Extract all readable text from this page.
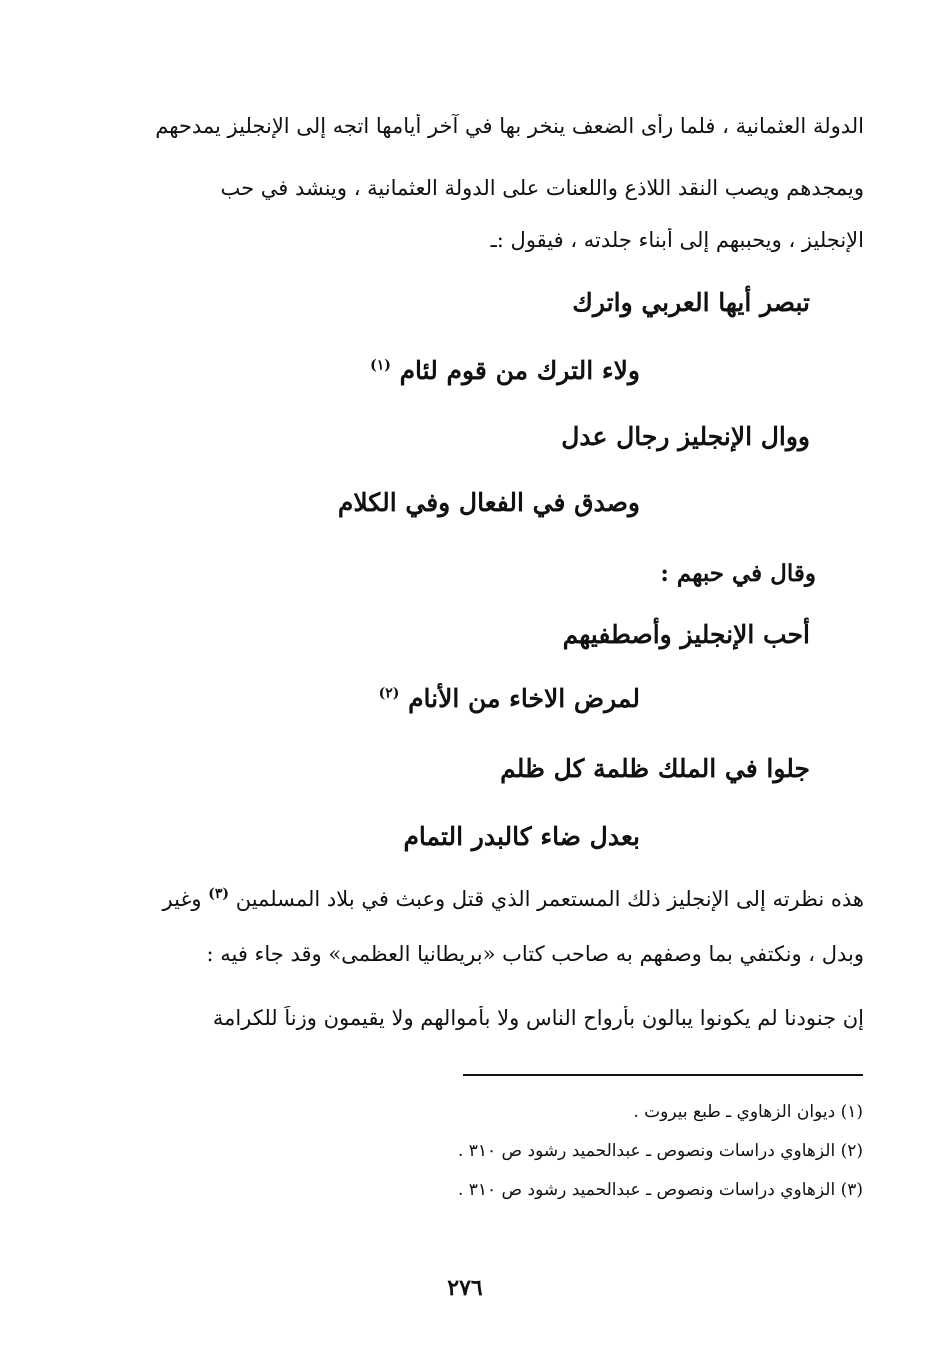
الدولة العثمانية ، فلما رأى الضعف ينخر بها في آخر أيامها اتجه إلى الإنجليز يمدحهم
ويمجدهم ويصب النقد اللاذع واللعنات على الدولة العثمانية ، وينشد في حب
الإنجليز ، ويحببهم إلى أبناء جلدته ، فيقول :ـ
تبصر أيها العربي واترك
ولاء الترك من قوم لئام $^{(١)}$
ووال الإنجليز رجال عدل
وصدق في الفعال وفي الكلام
وقال في حبهم :
أحب الإنجليز وأصطفيهم
لمرض الاخاء من الأنام $^{(٢)}$
جلوا في الملك ظلمة كل ظلم
بعدل ضاء كالبدر التمام
هذه نظرته إلى الإنجليز ذلك المستعمر الذي قتل وعبث في بلاد المسلمين $^{(٣)}$ وغير
وبدل ، ونكتفي بما وصفهم به صاحب كتاب «بريطانيا العظمى» وقد جاء فيه :
إن جنودنا لم يكونوا يبالون بأرواح الناس ولا بأموالهم ولا يقيمون وزناً للكرامة
(١) ديوان الزهاوي ـ طبع بيروت .
(٢) الزهاوي دراسات ونصوص ـ عبدالحميد رشود ص ٣١٠ .
(٣) الزهاوي دراسات ونصوص ـ عبدالحميد رشود ص ٣١٠ .
٢٧٦
